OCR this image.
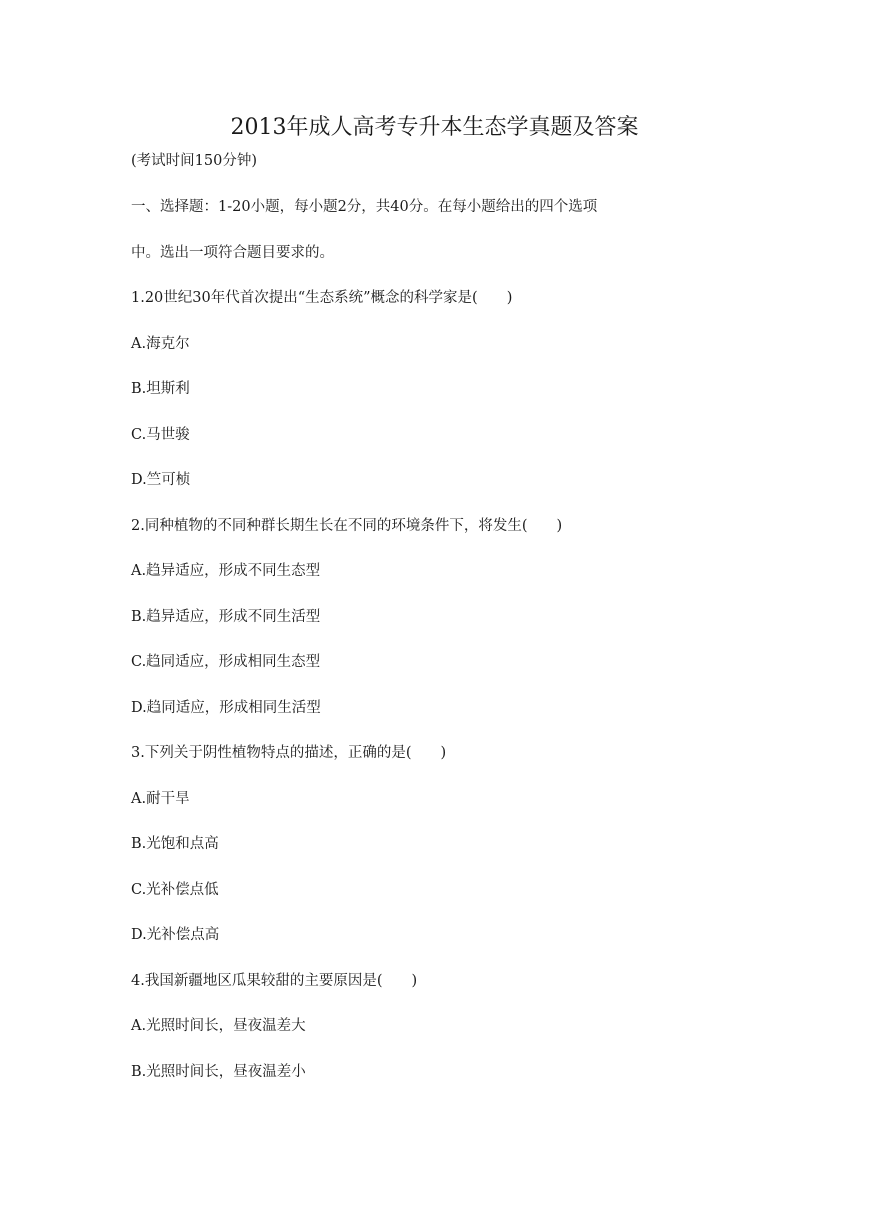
2013年成人高考专升本生态学真题及答案

(考试时间150分钟)

一、选择题：1-20小题，每小题2分，共40分。在每小题给出的四个选项

中。选出一项符合题目要求的。

1.20世纪30年代首次提出“生态系统”概念的科学家是(　　)

A.海克尔

B.坦斯利

C.马世骏

D.竺可桢

2.同种植物的不同种群长期生长在不同的环境条件下，将发生(　　)

A.趋异适应，形成不同生态型

B.趋异适应，形成不同生活型

C.趋同适应，形成相同生态型

D.趋同适应，形成相同生活型

3.下列关于阴性植物特点的描述，正确的是(　　)

A.耐干旱

B.光饱和点高

C.光补偿点低

D.光补偿点高

4.我国新疆地区瓜果较甜的主要原因是(　　)

A.光照时间长，昼夜温差大

B.光照时间长，昼夜温差小
